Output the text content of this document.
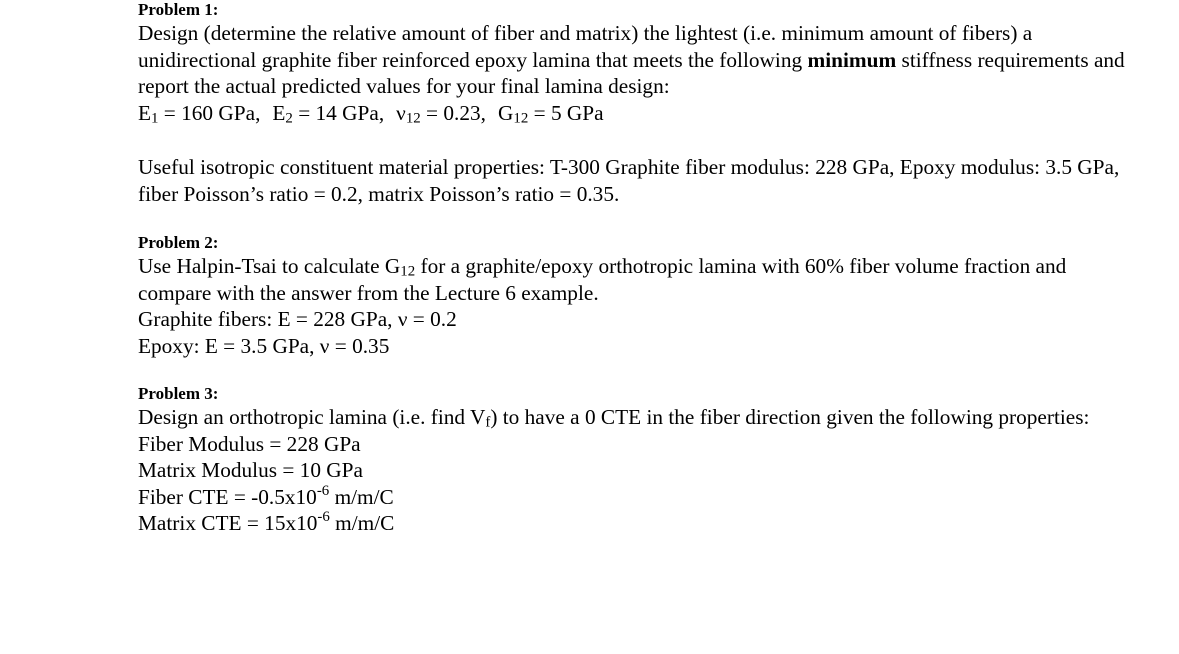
Problem 1:

Design (determine the relative amount of fiber and matrix) the lightest (i.e. minimum amount of fibers) a unidirectional graphite fiber reinforced epoxy lamina that meets the following minimum stiffness requirements and report the actual predicted values for your final lamina design:

$E_1 = 160$ GPa, $E_2 = 14$ GPa, $\nu_{12} = 0.23$, $G_{12} = 5$ GPa

Useful isotropic constituent material properties: T-300 Graphite fiber modulus: 228 GPa, Epoxy modulus: 3.5 GPa, fiber Poisson’s ratio = 0.2, matrix Poisson’s ratio = 0.35.

Problem 2:

Use Halpin-Tsai to calculate $G_{12}$ for a graphite/epoxy orthotropic lamina with 60% fiber volume fraction and compare with the answer from the Lecture 6 example.

Graphite fibers: E = 228 GPa, ν = 0.2
Epoxy: E = 3.5 GPa, ν = 0.35
Problem 3:

Design an orthotropic lamina (i.e. find $V_f$) to have a 0 CTE in the fiber direction given the following properties:

Fiber Modulus = 228 GPa
Matrix Modulus = 10 GPa
Fiber CTE = $-0.5x10^{-6}$ m/m/C
Matrix CTE = $15x10^{-6}$ m/m/C
